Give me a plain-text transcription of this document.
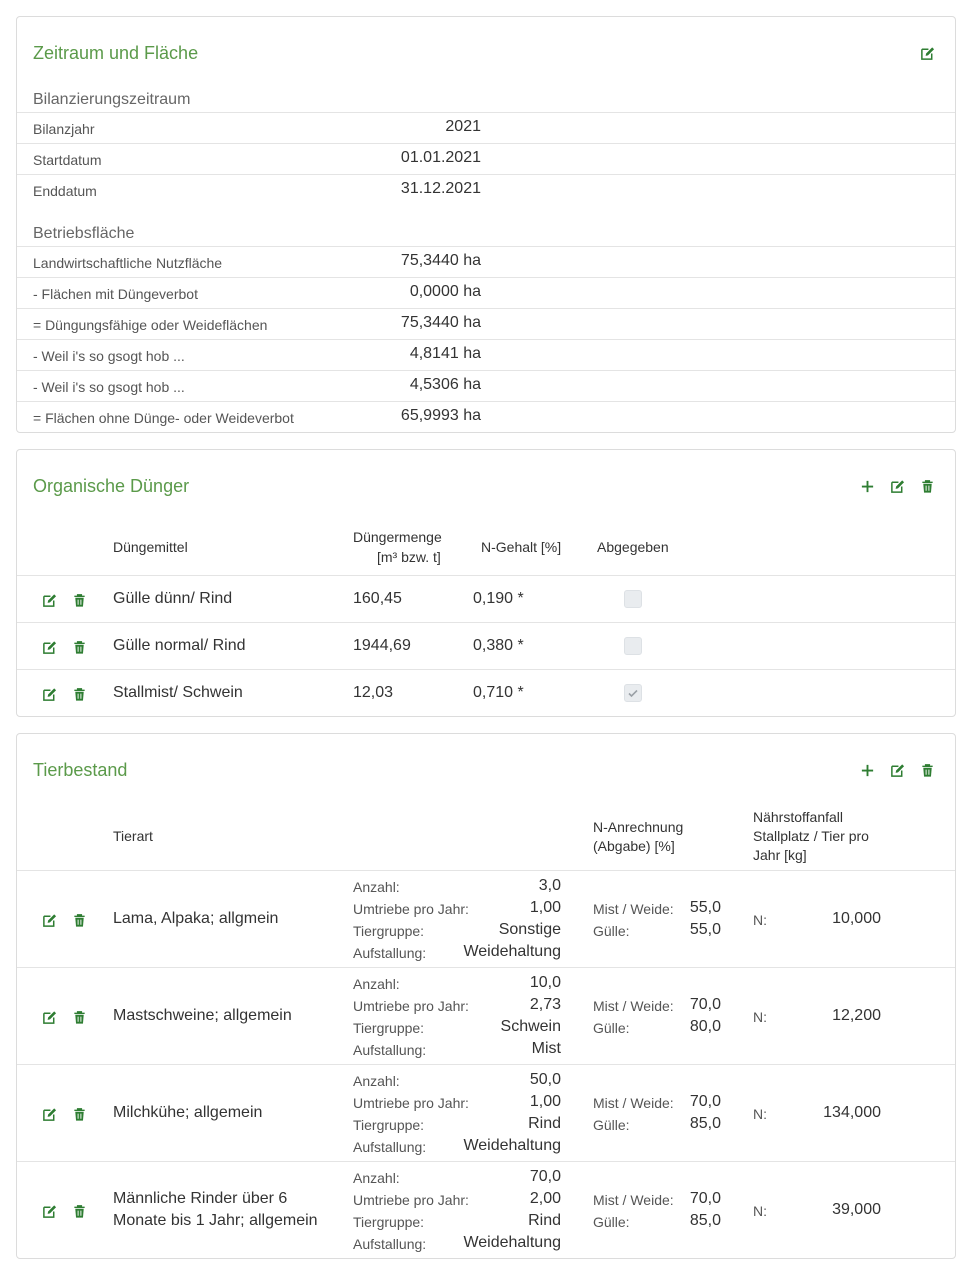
Zeitraum und Fläche
Bilanzierungszeitraum
Bilanzjahr	2021
Startdatum	01.01.2021
Enddatum	31.12.2021
Betriebsfläche
Landwirtschaftliche Nutzfläche	75,3440 ha
- Flächen mit Düngeverbot	0,0000 ha
= Düngungsfähige oder Weideflächen	75,3440 ha
- Weil i's so gsogt hob ...	4,8141 ha
- Weil i's so gsogt hob ...	4,5306 ha
= Flächen ohne Dünge- oder Weideverbot	65,9993 ha
Organische Dünger
Düngemittel
Düngermenge
[m³ bzw. t]
N-Gehalt [%]	Abgegeben
Gülle dünn/ Rind	160,45	0,190 *
Gülle normal/ Rind	1944,69	0,380 *
Stallmist/ Schwein	12,03	0,710 *
Tierbestand
Tierart
N-Anrechnung
(Abgabe) [%]
Nährstoffanfall
Stallplatz / Tier pro
Jahr [kg]
Lama, Alpaka; allgmein
Anzahl:	3,0
Umtriebe pro Jahr:	1,00
Tiergruppe:	Sonstige
Aufstallung: Weidehaltung
Mist / Weide: 55,0
Gülle:	55,0
N:	10,000
Mastschweine; allgemein
Anzahl:	10,0
Umtriebe pro Jahr:	2,73
Tiergruppe:	Schwein
Aufstallung:	Mist
Mist / Weide: 70,0
Gülle:	80,0
N:	12,200
Milchkühe; allgemein
Anzahl:	50,0
Umtriebe pro Jahr:	1,00
Tiergruppe:	Rind
Aufstallung: Weidehaltung
Mist / Weide: 70,0
Gülle:	85,0
N:	134,000
Männliche Rinder über 6 Monate bis 1 Jahr; allgemein
Anzahl:	70,0
Umtriebe pro Jahr:	2,00
Tiergruppe:	Rind
Aufstallung: Weidehaltung
Mist / Weide: 70,0
Gülle:	85,0
N:	39,000
